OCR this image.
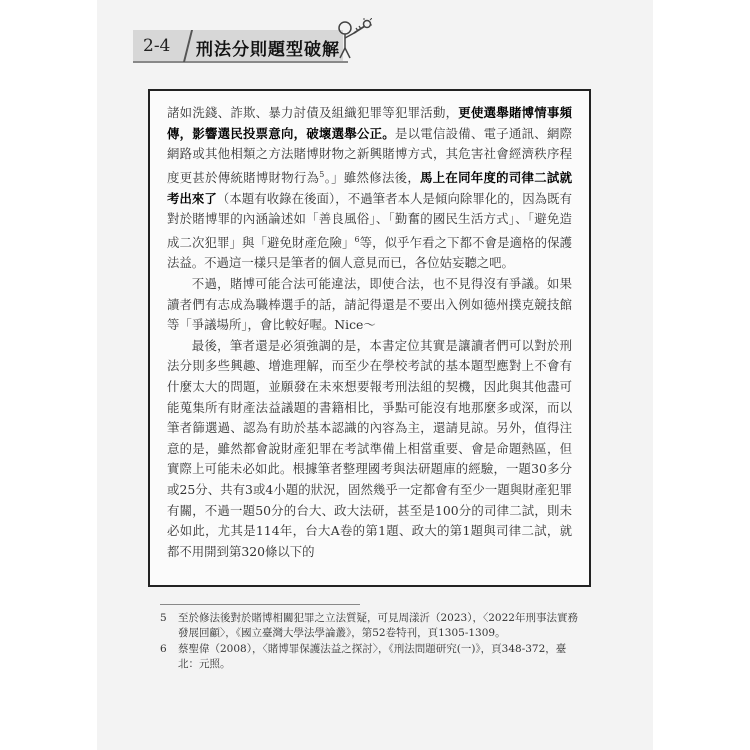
2-4 刑法分則題型破解

諸如洗錢、詐欺、暴力討債及組織犯罪等犯罪活動，更使選舉賭博情事頻傳，影響選民投票意向，破壞選舉公正。是以電信設備、電子通訊、網際網路或其他相類之方法賭博財物之新興賭博方式，其危害社會經濟秩序程度更甚於傳統賭博財物行為$^5$。」雖然修法後，馬上在同年度的司律二試就考出來了（本題有收錄在後面），不過筆者本人是傾向除罪化的，因為既有對於賭博罪的內涵論述如「善良風俗」、「勤奮的國民生活方式」、「避免造成二次犯罪」與「避免財產危險」$^6$等，似乎乍看之下都不會是適格的保護法益。不過這一樣只是筆者的個人意見而已，各位姑妄聽之吧。

不過，賭博可能合法可能違法，即使合法，也不見得沒有爭議。如果讀者們有志成為職棒選手的話，請記得還是不要出入例如德州撲克競技館等「爭議場所」，會比較好喔。Nice～

最後，筆者還是必須強調的是，本書定位其實是讓讀者們可以對於刑法分則多些興趣、增進理解，而至少在學校考試的基本題型應對上不會有什麼太大的問題，並願發在未來想要報考刑法組的契機，因此與其他盡可能蒐集所有財產法益議題的書籍相比，爭點可能沒有地那麼多或深，而以筆者篩選過、認為有助於基本認識的內容為主，還請見諒。另外，值得注意的是，雖然都會說財產犯罪在考試準備上相當重要、會是命題熱區，但實際上可能未必如此。根據筆者整理國考與法研題庫的經驗，一題30多分或25分、共有3或4小題的狀況，固然幾乎一定都會有至少一題與財產犯罪有關，不過一題50分的台大、政大法研，甚至是100分的司律二試，則未必如此，尤其是114年，台大A卷的第1題、政大的第1題與司律二試，就都不用開到第320條以下的

5	至於修法後對於賭博相關犯罪之立法質疑，可見周漾沂（2023），〈2022年刑事法實務發展回顧〉，《國立臺灣大學法學論叢》，第52卷特刊，頁1305-1309。
6	蔡聖偉（2008），〈賭博罪保護法益之探討〉，《刑法問題研究(一)》，頁348-372，臺北：元照。
